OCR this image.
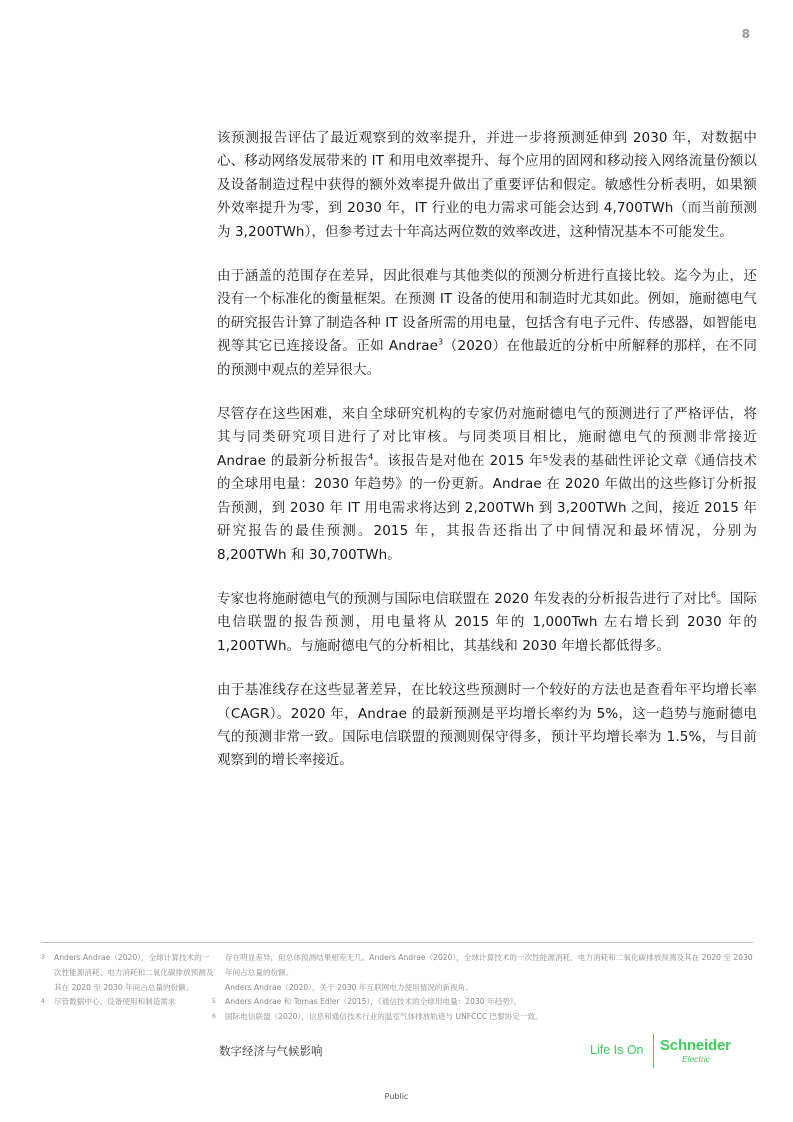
8

该预测报告评估了最近观察到的效率提升，并进一步将预测延伸到 2030 年，对数据中心、移动网络发展带来的 IT 和用电效率提升、每个应用的固网和移动接入网络流量份额以及设备制造过程中获得的额外效率提升做出了重要评估和假定。敏感性分析表明，如果额外效率提升为零，到 2030 年，IT 行业的电力需求可能会达到 4,700TWh（而当前预测为 3,200TWh），但参考过去十年高达两位数的效率改进，这种情况基本不可能发生。

由于涵盖的范围存在差异，因此很难与其他类似的预测分析进行直接比较。迄今为止，还没有一个标准化的衡量框架。在预测 IT 设备的使用和制造时尤其如此。例如，施耐德电气的研究报告计算了制造各种 IT 设备所需的用电量，包括含有电子元件、传感器，如智能电视等其它已连接设备。正如 Andrae$^3$（2020）在他最近的分析中所解释的那样，在不同的预测中观点的差异很大。

尽管存在这些困难，来自全球研究机构的专家仍对施耐德电气的预测进行了严格评估，将其与同类研究项目进行了对比审核。与同类项目相比，施耐德电气的预测非常接近 Andrae 的最新分析报告$^4$。该报告是对他在 2015 年⁵发表的基础性评论文章《通信技术的全球用电量：2030 年趋势》的一份更新。Andrae 在 2020 年做出的这些修订分析报告预测，到 2030 年 IT 用电需求将达到 2,200TWh 到 3,200TWh 之间，接近 2015 年研究报告的最佳预测。2015 年，其报告还指出了中间情况和最坏情况，分别为 8,200TWh 和 30,700TWh。

专家也将施耐德电气的预测与国际电信联盟在 2020 年发表的分析报告进行了对比$^6$。国际电信联盟的报告预测，用电量将从 2015 年的 1,000Twh 左右增长到 2030 年的 1,200TWh。与施耐德电气的分析相比，其基线和 2030 年增长都低得多。

由于基准线存在这些显著差异，在比较这些预测时一个较好的方法也是查看年平均增长率（CAGR）。2020 年，Andrae 的最新预测是平均增长率约为 5%，这一趋势与施耐德电气的预测非常一致。国际电信联盟的预测则保守得多，预计平均增长率为 1.5%，与目前观察到的增长率接近。

3	Anders Andrae（2020），全球计算技术的一次性能源消耗、电力消耗和二氧化碳排放预测及其在 2020 至 2030 年间占总量的份额。
4	尽管数据中心、设备使用和制造需求
存在明显差异，但总体预测结果相差无几。Anders Andrae（2020），全球计算技术的一次性能源消耗、电力消耗和二氧化碳排放预测及其在 2020 至 2030 年间占总量的份额。
Anders Andrae（2020），关于 2030 年互联网电力使用情况的新视角。
5	Anders Andrae 和 Tomas Edler（2015），《通信技术的全球用电量：2030 年趋势》。
6	国际电信联盟（2020），信息和通信技术行业的温室气体排放轨迹与 UNFCCC 巴黎协定一致。
数字经济与气候影响	Life Is On Schneider
Electric
Public
